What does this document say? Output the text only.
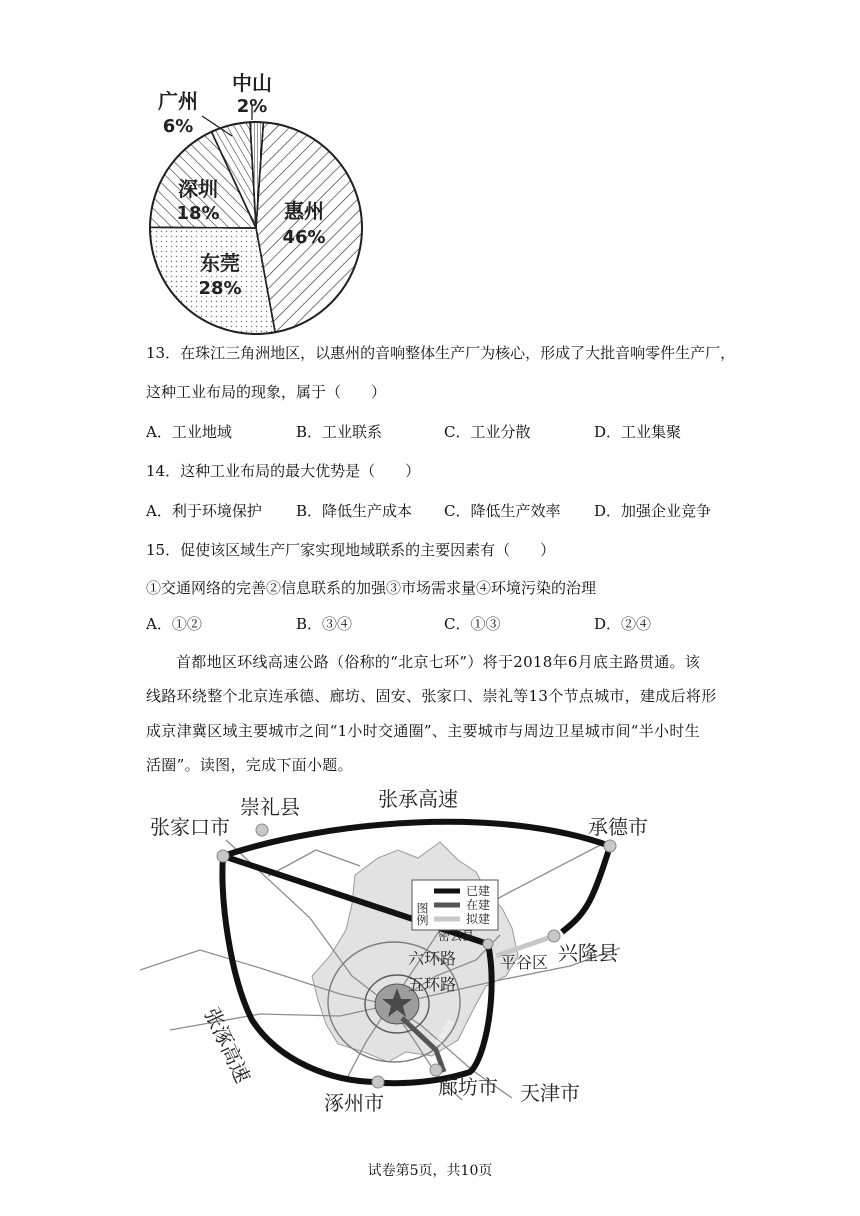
中山
2%
广州
6%
深圳
18%	惠州
46%
东莞
28%
13．在珠江三角洲地区，以惠州的音响整体生产厂为核心，形成了大批音响零件生产厂，
这种工业布局的现象，属于（　　）
A．工业地域	B．工业联系	C．工业分散	D．工业集聚
14．这种工业布局的最大优势是（　　）
A．利于环境保护 B．降低生产成本 C．降低生产效率 D．加强企业竞争
15．促使该区域生产厂家实现地域联系的主要因素有（　　）
①交通网络的完善②信息联系的加强③市场需求量④环境污染的治理
A．①②	B．③④	C．①③	D．②④
首都地区环线高速公路（俗称的“北京七环”）将于2018年6月底主路贯通。该
线路环绕整个北京连承德、廊坊、固安、张家口、崇礼等13个节点城市，建成后将形
成京津冀区域主要城市之间“1小时交通圈”、主要城市与周边卫星城市间“半小时生
活圈”。读图，完成下面小题。
图例
已建
在建
拟建
崇礼县	张承高速
张家口市	承德市
密云县
兴隆县
六环路	平谷区
五环路
机场高速
张涿高速
涿州市
廊坊市 天津市
试卷第5页，共10页
